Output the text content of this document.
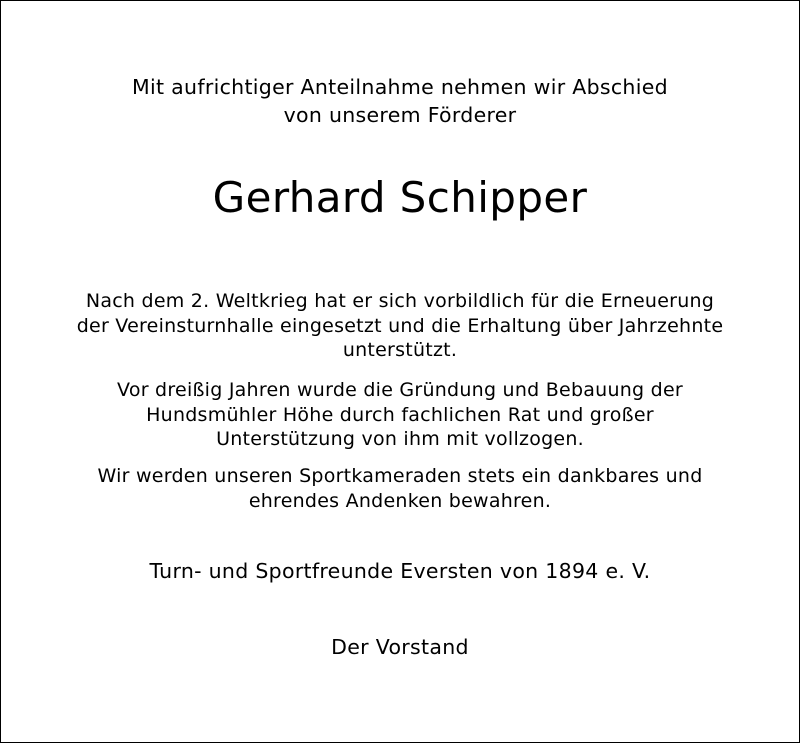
Mit aufrichtiger Anteilnahme nehmen wir Abschied
von unserem Förderer
Gerhard Schipper
Nach dem 2. Weltkrieg hat er sich vorbildlich für die Erneuerung
der Vereinsturnhalle eingesetzt und die Erhaltung über Jahrzehnte
unterstützt.
Vor dreißig Jahren wurde die Gründung und Bebauung der
Hundsmühler Höhe durch fachlichen Rat und großer
Unterstützung von ihm mit vollzogen.
Wir werden unseren Sportkameraden stets ein dankbares und
ehrendes Andenken bewahren.
Turn- und Sportfreunde Eversten von 1894 e. V.
Der Vorstand
